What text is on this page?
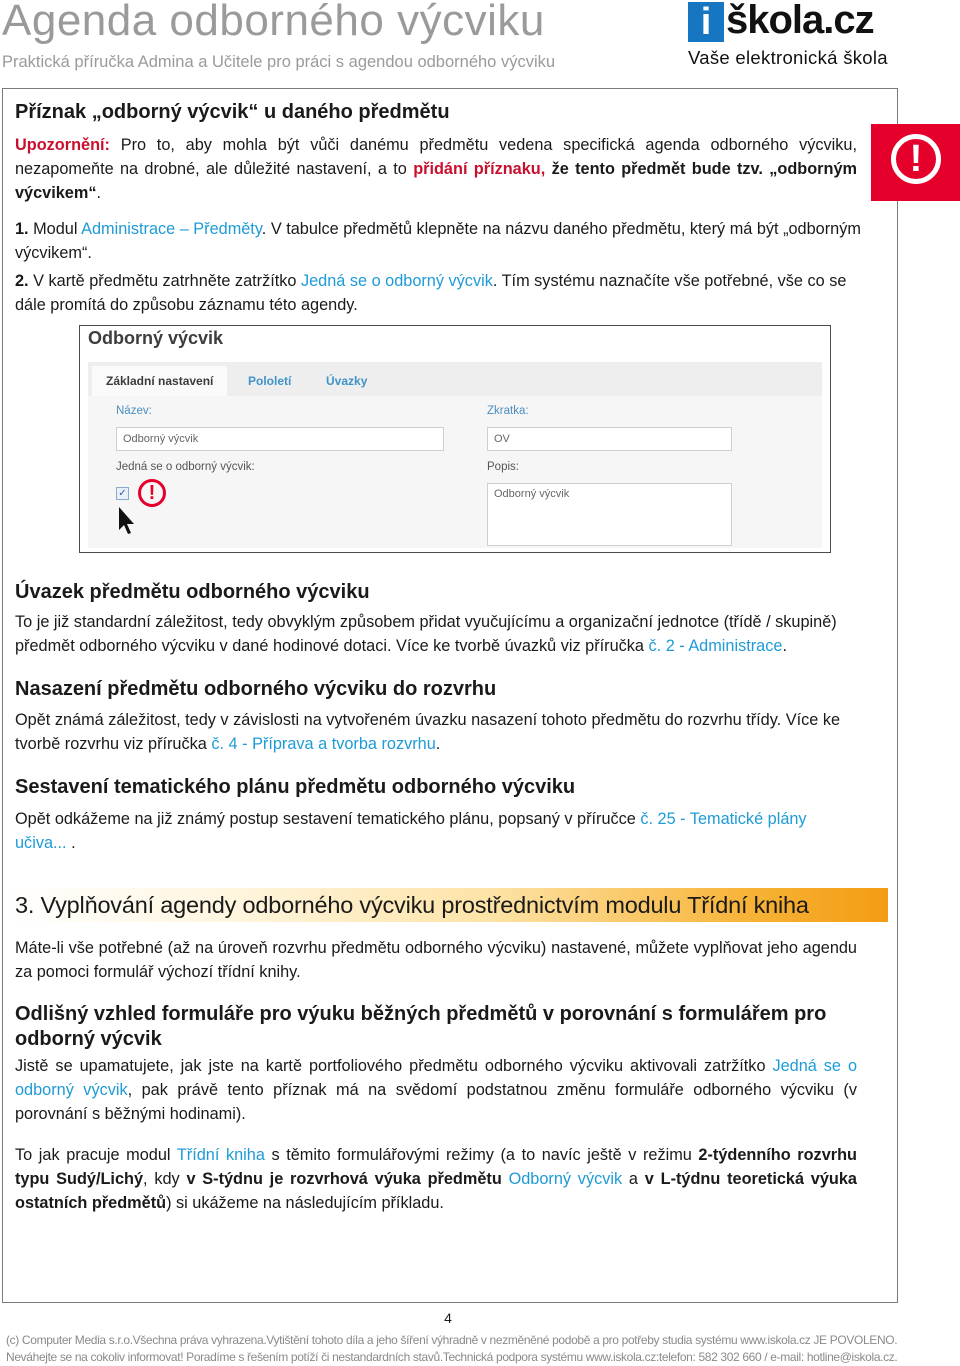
Agenda odborného výcviku
Praktická příručka Admina a Učitele pro práci s agendou odborného výcviku
i škola.cz
Vaše elektronická škola
!
Příznak „odborný výcvik“ u daného předmětu
Upozornění: Pro to, aby mohla být vůči danému předmětu vedena specifická agenda odborného výcviku, nezapomeňte na drobné, ale důležité nastavení, a to přidání příznaku, že tento předmět bude tzv. „odborným výcvikem“.
1. Modul Administrace – Předměty. V tabulce předmětů klepněte na názvu daného předmětu, který má být „odborným výcvikem“.
2. V kartě předmětu zatrhněte zatržítko Jedná se o odborný výcvik. Tím systému naznačíte vše potřebné, vše co se dále promítá do způsobu záznamu této agendy.
Odborný výcvik
Základní nastavení	Pololetí	Úvazky
Název:
Odborný výcvik
Zkratka:
OV
Jedná se o odborný výcvik:
✓	!
Popis:
Odborný výcvik
Úvazek předmětu odborného výcviku
To je již standardní záležitost, tedy obvyklým způsobem přidat vyučujícímu a organizační jednotce (třídě / skupině) předmět odborného výcviku v dané hodinové dotaci. Více ke tvorbě úvazků viz příručka č. 2 - Administrace.
Nasazení předmětu odborného výcviku do rozvrhu
Opět známá záležitost, tedy v závislosti na vytvořeném úvazku nasazení tohoto předmětu do rozvrhu třídy. Více ke tvorbě rozvrhu viz příručka č. 4 - Příprava a tvorba rozvrhu.
Sestavení tematického plánu předmětu odborného výcviku
Opět odkážeme na již známý postup sestavení tematického plánu, popsaný v příručce č. 25 - Tematické plány učiva... .
3. Vyplňování agendy odborného výcviku prostřednictvím modulu Třídní kniha
Máte-li vše potřebné (až na úroveň rozvrhu předmětu odborného výcviku) nastavené, můžete vyplňovat jeho agendu za pomoci formulář výchozí třídní knihy.
Odlišný vzhled formuláře pro výuku běžných předmětů v porovnání s formulářem pro odborný výcvik
Jistě se upamatujete, jak jste na kartě portfoliového předmětu odborného výcviku aktivovali zatržítko Jedná se o odborný výcvik, pak právě tento příznak má na svědomí podstatnou změnu formuláře odborného výcviku (v porovnání s běžnými hodinami).
To jak pracuje modul Třídní kniha s těmito formulářovými režimy (a to navíc ještě v režimu 2-týdenního rozvrhu typu Sudý/Lichý, kdy v S-týdnu je rozvrhová výuka předmětu Odborný výcvik a v L-týdnu teoretická výuka ostatních předmětů) si ukážeme na následujícím příkladu.
4
(c) Computer Media s.r.o.Všechna práva vyhrazena.Vytištění tohoto díla a jeho šíření výhradně v nezměněné podobě a pro potřeby studia systému www.iskola.cz JE POVOLENO.
Neváhejte se na cokoliv informovat! Poradíme s řešením potíží či nestandardních stavů.Technická podpora systému www.iskola.cz:telefon: 582 302 660 / e-mail: hotline@iskola.cz.
